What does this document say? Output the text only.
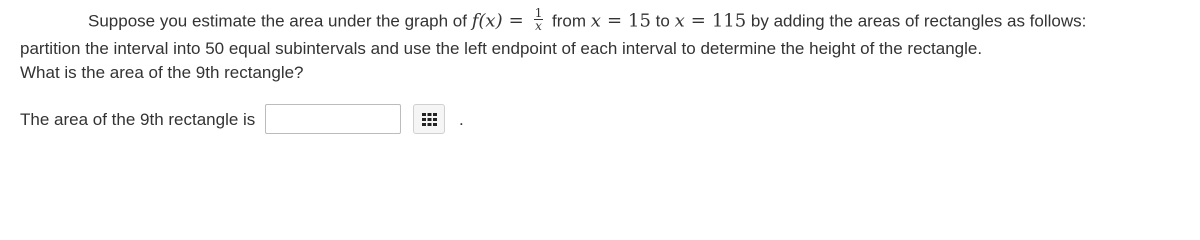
Suppose you estimate the area under the graph of $f(x) = \frac{1}{x}$ from x = 15 to x = 115 by adding the areas of rectangles as follows:
partition the interval into 50 equal subintervals and use the left endpoint of each interval to determine the height of the rectangle.
What is the area of the 9th rectangle?
The area of the 9th rectangle is	.
